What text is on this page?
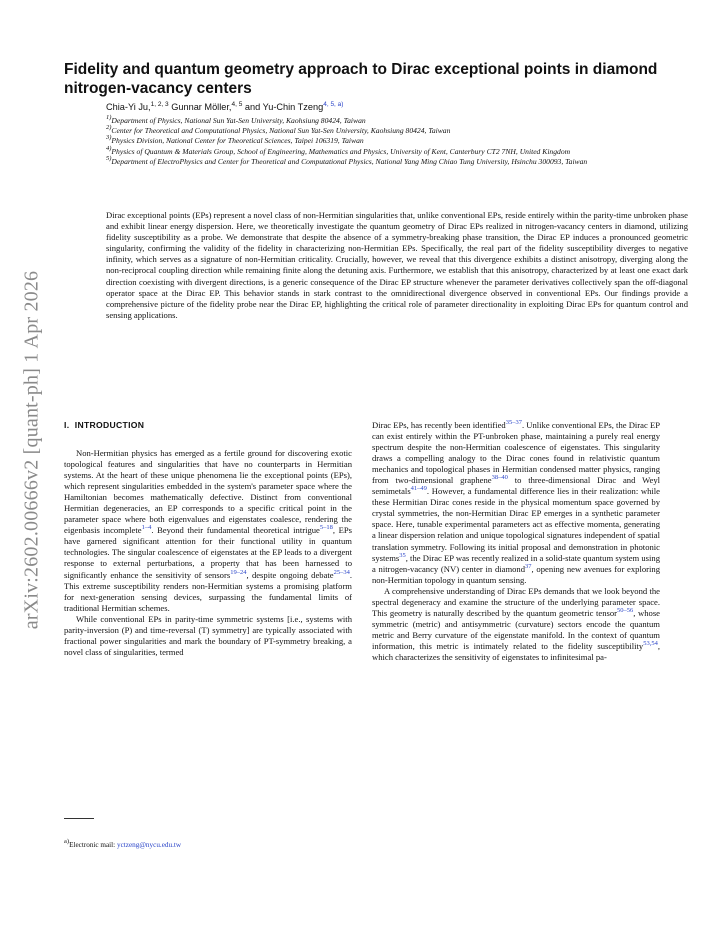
arXiv:2602.00666v2 [quant-ph] 1 Apr 2026
Fidelity and quantum geometry approach to Dirac exceptional points in diamond nitrogen-vacancy centers
Chia-Yi Ju,$^{1, 2, 3}$ Gunnar Möller,$^{4, 5}$ and Yu-Chin Tzeng$^{4, 5, a)}$
$^{1)}$Department of Physics, National Sun Yat-Sen University, Kaohsiung 80424, Taiwan
$^{2)}$Center for Theoretical and Computational Physics, National Sun Yat-Sen University, Kaohsiung 80424, Taiwan
$^{3)}$Physics Division, National Center for Theoretical Sciences, Taipei 106319, Taiwan
$^{4)}$Physics of Quantum & Materials Group, School of Engineering, Mathematics and Physics, University of Kent, Canterbury CT2 7NH, United Kingdom
$^{5)}$Department of ElectroPhysics and Center for Theoretical and Computational Physics, National Yang Ming Chiao Tung University, Hsinchu 300093, Taiwan

Dirac exceptional points (EPs) represent a novel class of non-Hermitian singularities that, unlike conventional EPs, reside entirely within the parity-time unbroken phase and exhibit linear energy dispersion. Here, we theoretically investigate the quantum geometry of Dirac EPs realized in nitrogen-vacancy centers in diamond, utilizing fidelity susceptibility as a probe. We demonstrate that despite the absence of a symmetry-breaking phase transition, the Dirac EP induces a pronounced geometric singularity, confirming the validity of the fidelity in characterizing non-Hermitian EPs. Specifically, the real part of the fidelity susceptibility diverges to negative infinity, which serves as a signature of non-Hermitian criticality. Crucially, however, we reveal that this divergence exhibits a distinct anisotropy, diverging along the non-reciprocal coupling direction while remaining finite along the detuning axis. Furthermore, we establish that this anisotropy, characterized by at least one exact dark direction coexisting with divergent directions, is a generic consequence of the Dirac EP structure whenever the parameter derivatives collectively span the off-diagonal operator space at the Dirac EP. This behavior stands in stark contrast to the omnidirectional divergence observed in conventional EPs. Our findings provide a comprehensive picture of the fidelity probe near the Dirac EP, highlighting the critical role of parameter directionality in exploiting Dirac EPs for quantum control and sensing applications.

I. INTRODUCTION

Non-Hermitian physics has emerged as a fertile ground for discovering exotic topological features and singularities that have no counterparts in Hermitian systems. At the heart of these unique phenomena lie the exceptional points (EPs), which represent singularities embedded in the system's parameter space where the Hamiltonian becomes mathematically defective. Distinct from conventional Hermitian degeneracies, an EP corresponds to a specific critical point in the parameter space where both eigenvalues and eigenstates coalesce, rendering the eigenbasis incomplete$^{1-4}$. Beyond their fundamental theoretical intrigue$^{5-18}$, EPs have garnered significant attention for their functional utility in quantum technologies. The singular coalescence of eigenstates at the EP leads to a divergent response to external perturbations, a property that has been harnessed to significantly enhance the sensitivity of sensors$^{19-24}$, despite ongoing debate$^{25-34}$. This extreme susceptibility renders non-Hermitian systems a promising platform for next-generation sensing devices, surpassing the fundamental limits of traditional Hermitian schemes.

While conventional EPs in parity-time symmetric systems [i.e., systems with parity-inversion (P) and time-reversal (T) symmetry] are typically associated with fractional power singularities and mark the boundary of PT-symmetry breaking, a novel class of singularities, termed

Dirac EPs, has recently been identified$^{35-37}$. Unlike conventional EPs, the Dirac EP can exist entirely within the PT-unbroken phase, maintaining a purely real energy spectrum despite the non-Hermitian coalescence of eigenstates. This singularity draws a compelling analogy to the Dirac cones found in relativistic quantum mechanics and topological phases in Hermitian condensed matter physics, ranging from two-dimensional graphene$^{38-40}$ to three-dimensional Dirac and Weyl semimetals$^{41-49}$. However, a fundamental difference lies in their realization: while these Hermitian Dirac cones reside in the physical momentum space governed by crystal symmetries, the non-Hermitian Dirac EP emerges in a synthetic parameter space. Here, tunable experimental parameters act as effective momenta, generating a linear dispersion relation and unique topological signatures independent of spatial translation symmetry. Following its initial proposal and demonstration in photonic systems$^{35}$, the Dirac EP was recently realized in a solid-state quantum system using a nitrogen-vacancy (NV) center in diamond$^{37}$, opening new avenues for exploring non-Hermitian topology in quantum sensing.

A comprehensive understanding of Dirac EPs demands that we look beyond the spectral degeneracy and examine the structure of the underlying parameter space. This geometry is naturally described by the quantum geometric tensor$^{50-56}$, whose symmetric (metric) and antisymmetric (curvature) sectors encode the quantum metric and Berry curvature of the eigenstate manifold. In the context of quantum information, this metric is intimately related to the fidelity susceptibility$^{53,54}$, which characterizes the sensitivity of eigenstates to infinitesimal pa-

$^{a)}$Electronic mail: yctzeng@nycu.edu.tw
